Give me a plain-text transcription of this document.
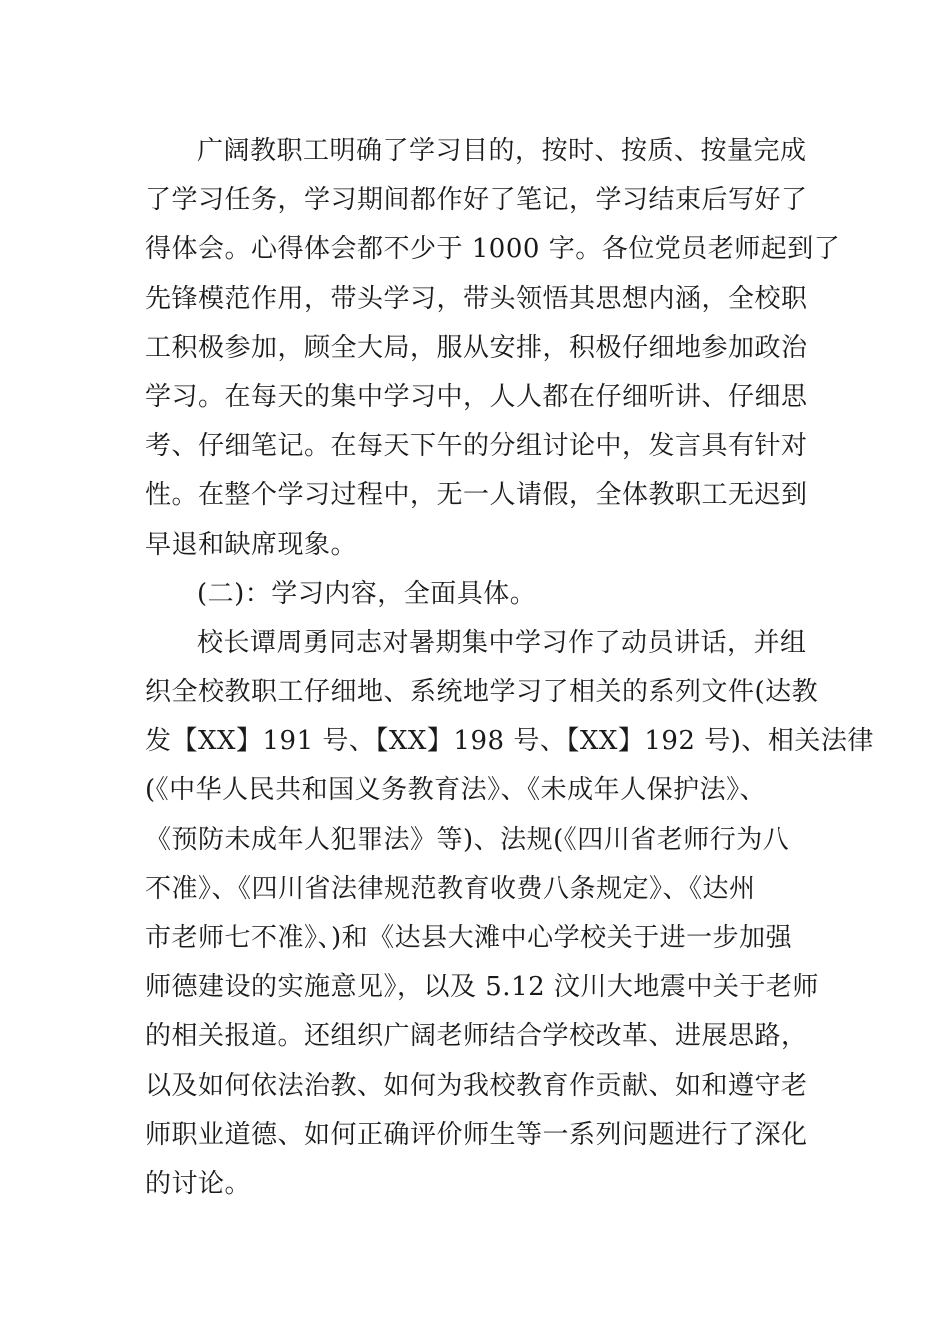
广阔教职工明确了学习目的，按时、按质、按量完成
了学习任务，学习期间都作好了笔记，学习结束后写好了
得体会。心得体会都不少于 1000 字。各位党员老师起到了
先锋模范作用，带头学习，带头领悟其思想内涵，全校职
工积极参加，顾全大局，服从安排，积极仔细地参加政治
学习。在每天的集中学习中，人人都在仔细听讲、仔细思
考、仔细笔记。在每天下午的分组讨论中，发言具有针对
性。在整个学习过程中，无一人请假，全体教职工无迟到
早退和缺席现象。
(二)：学习内容，全面具体。
校长谭周勇同志对暑期集中学习作了动员讲话，并组
织全校教职工仔细地、系统地学习了相关的系列文件(达教
发【XX】191 号、【XX】198 号、【XX】192 号)、相关法律
(《中华人民共和国义务教育法》、《未成年人保护法》、
《预防未成年人犯罪法》等)、法规(《四川省老师行为八
不准》、《四川省法律规范教育收费八条规定》、《达州
市老师七不准》、)和《达县大滩中心学校关于进一步加强
师德建设的实施意见》，以及 5.12 汶川大地震中关于老师
的相关报道。还组织广阔老师结合学校改革、进展思路，
以及如何依法治教、如何为我校教育作贡献、如和遵守老
师职业道德、如何正确评价师生等一系列问题进行了深化
的讨论。
